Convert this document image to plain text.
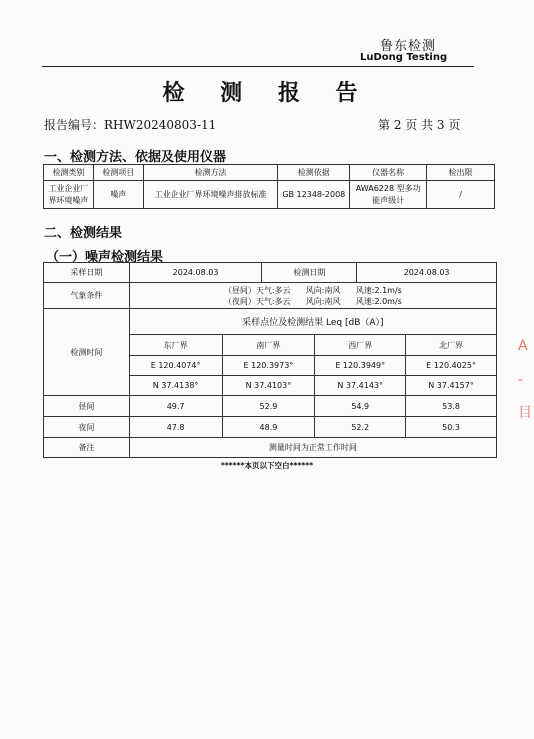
鲁东检测
LuDong Testing
检 测 报 告
报告编号：RHW20240803-11	第 2 页 共 3 页
一、检测方法、依据及使用仪器
检测类别	检测项目	检测方法	检测依据	仪器名称	检出限
工业企业厂界环境噪声	噪声	工业企业厂界环境噪声排放标准	GB 12348-2008	AWA6228 型多功能声级计	/
二、检测结果
（一）噪声检测结果
采样日期	2024.08.03		检测日期		2024.08.03	
气象条件	（昼间）天气:多云      风向:南风      风速:2.1m/s
（夜间）天气:多云      风向:南风      风速:2.0m/s					

检测时间	采样点位及检测结果 Leq [dB（A）]					
	东厂界	南厂界		西厂界		北厂界
	E 120.4074°	E 120.3973°		E 120.3949°		E 120.4025°
	N 37.4138°	N 37.4103°		N 37.4143°		N 37.4157°
昼间	49.7	52.9		54.9		53.8
夜间	47.8	48.9		52.2		50.3
备注	测量时间为正常工作时间					
******本页以下空白******
A
-
目
